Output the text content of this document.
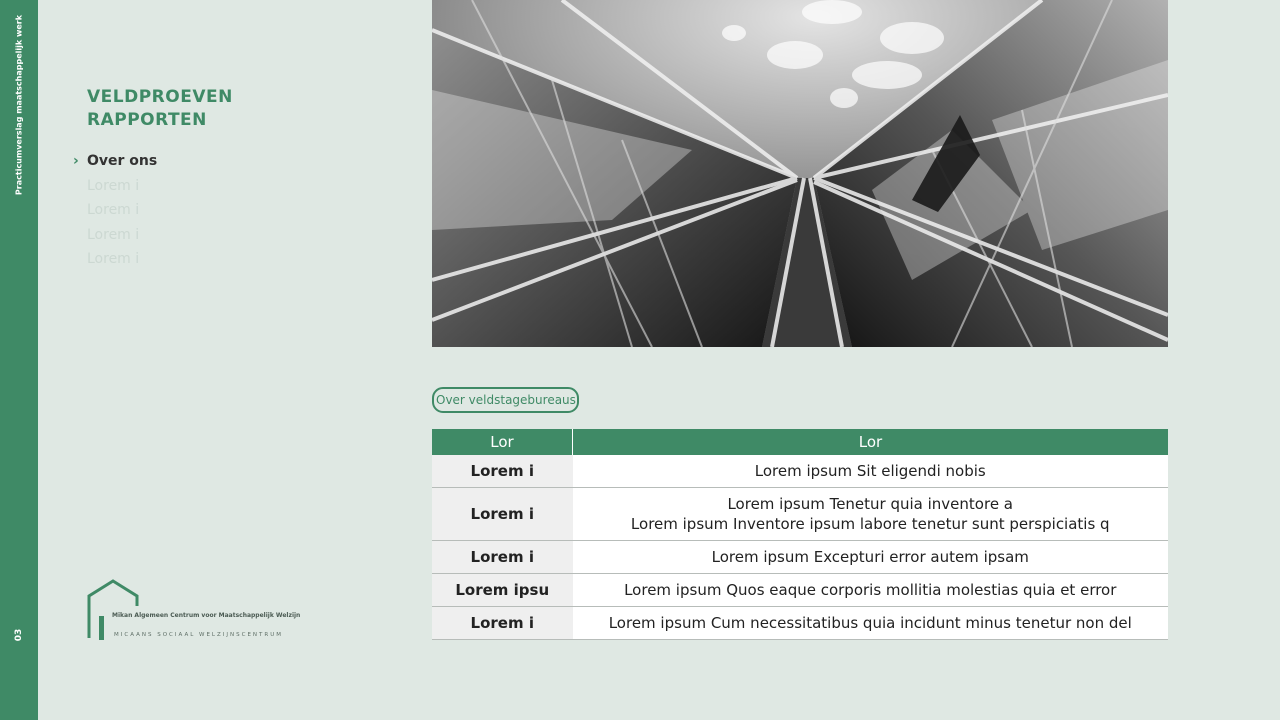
Practicumverslag maatschappelijk werk
03
VELDPROEVEN
RAPPORTEN
› Over ons
Lorem i
Lorem i
Lorem i
Lorem i
Over veldstagebureaus
Lor	Lor
Lorem i	Lorem ipsum Sit eligendi nobis
Lorem i	Lorem ipsum Tenetur quia inventore a
Lorem ipsum Inventore ipsum labore tenetur sunt perspiciatis q
Lorem i	Lorem ipsum Excepturi error autem ipsam
Lorem ipsu	Lorem ipsum Quos eaque corporis mollitia molestias quia et error
Lorem i	Lorem ipsum Cum necessitatibus quia incidunt minus tenetur non del
Mikan Algemeen Centrum voor Maatschappelijk Welzijn
MICAANS SOCIAAL WELZIJNSCENTRUM
